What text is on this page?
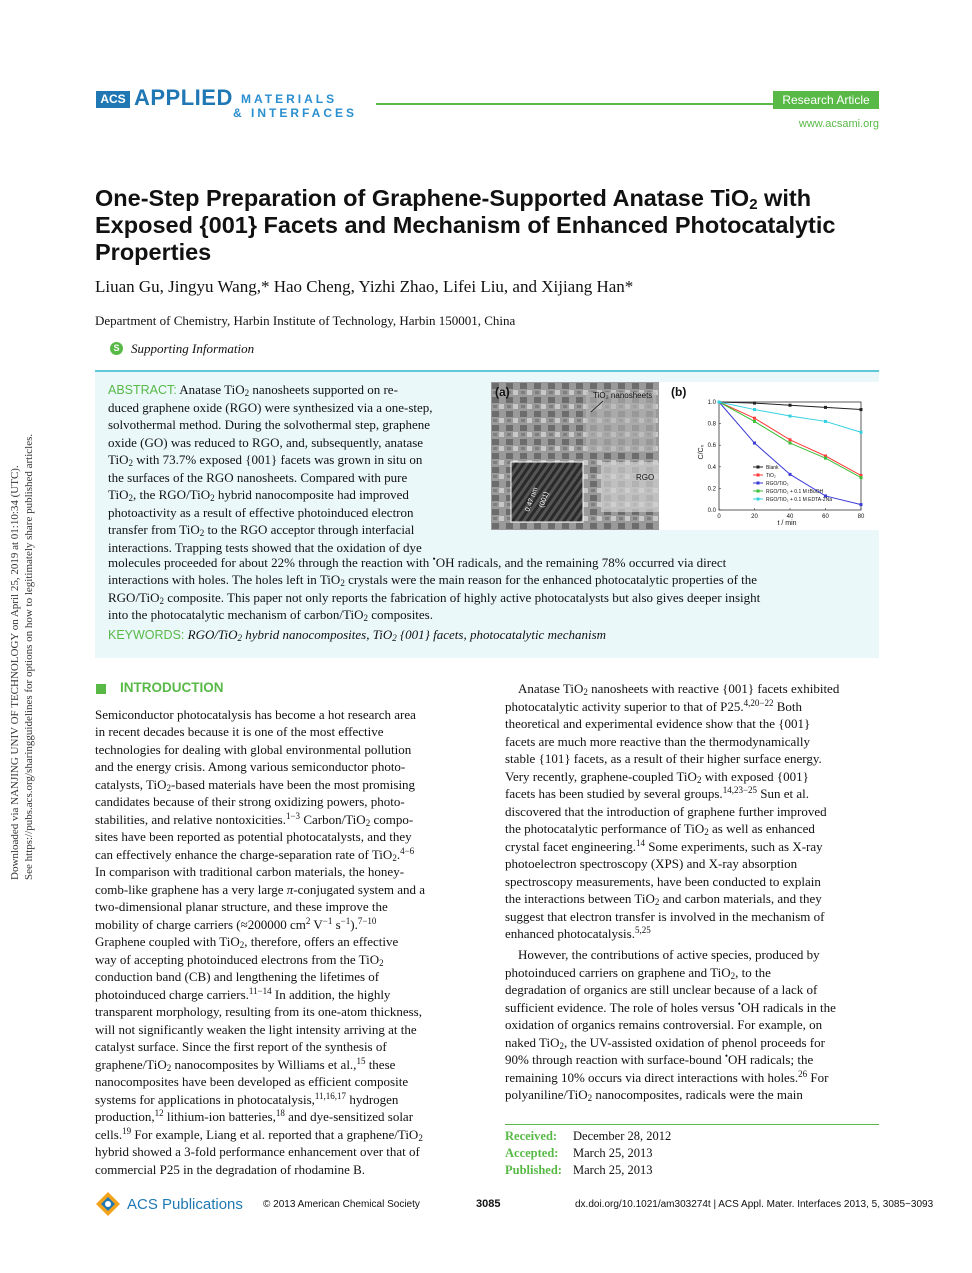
Downloaded via NANJING UNIV OF TECHNOLOGY on April 25, 2019 at 01:10:34 (UTC). See https://pubs.acs.org/sharingguidelines for options on how to legitimately share published articles.
ACS APPLIED MATERIALS
& INTERFACES
Research Article
www.acsami.org
One-Step Preparation of Graphene-Supported Anatase TiO$_2$ with
Exposed {001} Facets and Mechanism of Enhanced Photocatalytic
Properties
Liuan Gu, Jingyu Wang,* Hao Cheng, Yizhi Zhao, Lifei Liu, and Xijiang Han*
Department of Chemistry, Harbin Institute of Technology, Harbin 150001, China
S Supporting Information
ABSTRACT: Anatase TiO$_2$ nanosheets supported on re-
duced graphene oxide (RGO) were synthesized via a one-step,
solvothermal method. During the solvothermal step, graphene
oxide (GO) was reduced to RGO, and, subsequently, anatase
TiO$_2$ with 73.7% exposed {001} facets was grown in situ on
the surfaces of the RGO nanosheets. Compared with pure
TiO$_2$, the RGO/TiO$_2$ hybrid nanocomposite had improved
photoactivity as a result of effective photoinduced electron
transfer from TiO$_2$ to the RGO acceptor through interfacial
interactions. Trapping tests showed that the oxidation of dye
molecules proceeded for about 22% through the reaction with •OH radicals, and the remaining 78% occurred via direct
interactions with holes. The holes left in TiO$_2$ crystals were the main reason for the enhanced photocatalytic properties of the
RGO/TiO$_2$ composite. This paper not only reports the fabrication of highly active photocatalysts but also gives deeper insight
into the photocatalytic mechanism of carbon/TiO$_2$ composites.
KEYWORDS: RGO/TiO$_2$ hybrid nanocomposites, TiO$_2$ {001} facets, photocatalytic mechanism
(a)	TiO₂ nanosheets
RGO
0.47 nm
(001)
(b)
0	20	40	60	80
0.0
0.2
0.4
0.6
0.8
1.0
Blank
TiO₂
RGO/TiO₂
RGO/TiO₂ + 0.1 M tBuOH
RGO/TiO₂ + 0.1 M EDTA-2Na
t / min
C/C₀
INTRODUCTION
Semiconductor photocatalysis has become a hot research area
in recent decades because it is one of the most effective
technologies for dealing with global environmental pollution
and the energy crisis. Among various semiconductor photo-
catalysts, TiO$_2$-based materials have been the most promising
candidates because of their strong oxidizing powers, photo-
stabilities, and relative nontoxicities.$^{1-3}$ Carbon/TiO$_2$ compo-
sites have been reported as potential photocatalysts, and they
can effectively enhance the charge-separation rate of TiO$_2$.$^{4-6}$
In comparison with traditional carbon materials, the honey-
comb-like graphene has a very large π-conjugated system and a
two-dimensional planar structure, and these improve the
mobility of charge carriers (≈200000 $cm^2$ $V^{-1}$ $s^{-1}).^{7-10}$
Graphene coupled with TiO$_2$, therefore, offers an effective
way of accepting photoinduced electrons from the TiO$_2$
conduction band (CB) and lengthening the lifetimes of
photoinduced charge carriers.$^{11-14}$ In addition, the highly
transparent morphology, resulting from its one-atom thickness,
will not significantly weaken the light intensity arriving at the
catalyst surface. Since the first report of the synthesis of
graphene/TiO$_2$ nanocomposites by Williams et al.,$^{15}$ these
nanocomposites have been developed as efficient composite
systems for applications in photocatalysis,$^{11,16,17}$ hydrogen
production,$^{12}$ lithium-ion batteries,$^{18}$ and dye-sensitized solar
cells.$^{19}$ For example, Liang et al. reported that a graphene/TiO$_2$
hybrid showed a 3-fold performance enhancement over that of
commercial P25 in the degradation of rhodamine B.
Anatase TiO$_2$ nanosheets with reactive {001} facets exhibited
photocatalytic activity superior to that of P25.$^{4,20-22}$ Both
theoretical and experimental evidence show that the {001}
facets are much more reactive than the thermodynamically
stable {101} facets, as a result of their higher surface energy.
Very recently, graphene-coupled TiO$_2$ with exposed {001}
facets has been studied by several groups.$^{14,23-25}$ Sun et al.
discovered that the introduction of graphene further improved
the photocatalytic performance of TiO$_2$ as well as enhanced
crystal facet engineering.$^{14}$ Some experiments, such as X-ray
photoelectron spectroscopy (XPS) and X-ray absorption
spectroscopy measurements, have been conducted to explain
the interactions between TiO$_2$ and carbon materials, and they
suggest that electron transfer is involved in the mechanism of
enhanced photocatalysis.$^{5,25}$
However, the contributions of active species, produced by
photoinduced carriers on graphene and TiO$_2$, to the
degradation of organics are still unclear because of a lack of
sufficient evidence. The role of holes versus •OH radicals in the
oxidation of organics remains controversial. For example, on
naked TiO$_2$, the UV-assisted oxidation of phenol proceeds for
90% through reaction with surface-bound •OH radicals; the
remaining 10% occurs via direct interactions with holes.$^{26}$ For
polyaniline/TiO$_2$ nanocomposites, radicals were the main
Received: December 28, 2012
Accepted: March 25, 2013
Published: March 25, 2013
ACS Publications © 2013 American Chemical Society	3085	dx.doi.org/10.1021/am303274t | ACS Appl. Mater. Interfaces 2013, 5, 3085−3093
